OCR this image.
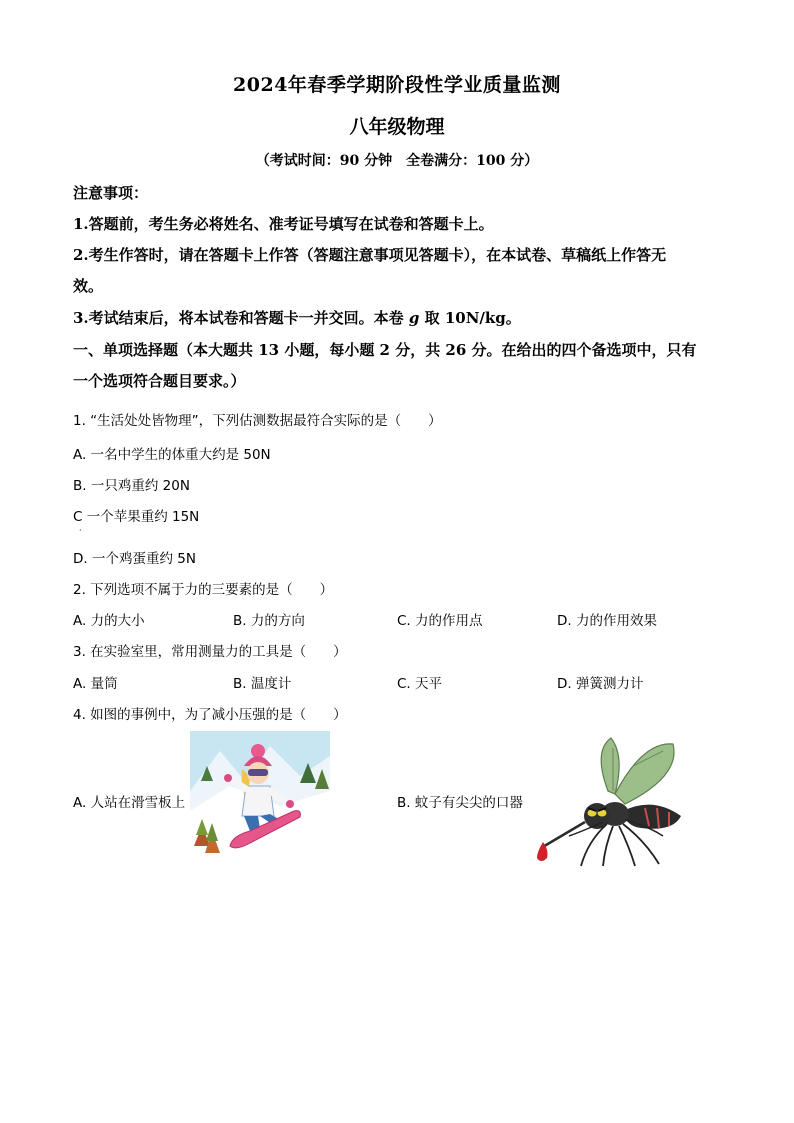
2024年春季学期阶段性学业质量监测
八年级物理
（考试时间：90 分钟　全卷满分：100 分）
注意事项：
1.答题前，考生务必将姓名、准考证号填写在试卷和答题卡上。
2.考生作答时，请在答题卡上作答（答题注意事项见答题卡），在本试卷、草稿纸上作答无
效。
3.考试结束后，将本试卷和答题卡一并交回。本卷 g 取 10N/kg。
一、单项选择题（本大题共 13 小题，每小题 2 分，共 26 分。在给出的四个备选项中，只有
一个选项符合题目要求。）
1. “生活处处皆物理”，下列估测数据最符合实际的是（　　）
A. 一名中学生的体重大约是 50N
B. 一只鸡重约 20N
C 一个苹果重约 15N
·
D. 一个鸡蛋重约 5N
2. 下列选项不属于力的三要素的是（　　）
A. 力的大小	B. 力的方向	C. 力的作用点	D. 力的作用效果
3. 在实验室里，常用测量力的工具是（　　）
A. 量筒	B. 温度计	C. 天平	D. 弹簧测力计
4. 如图的事例中，为了减小压强的是（　　）
A. 人站在滑雪板上	B. 蚊子有尖尖的口器
